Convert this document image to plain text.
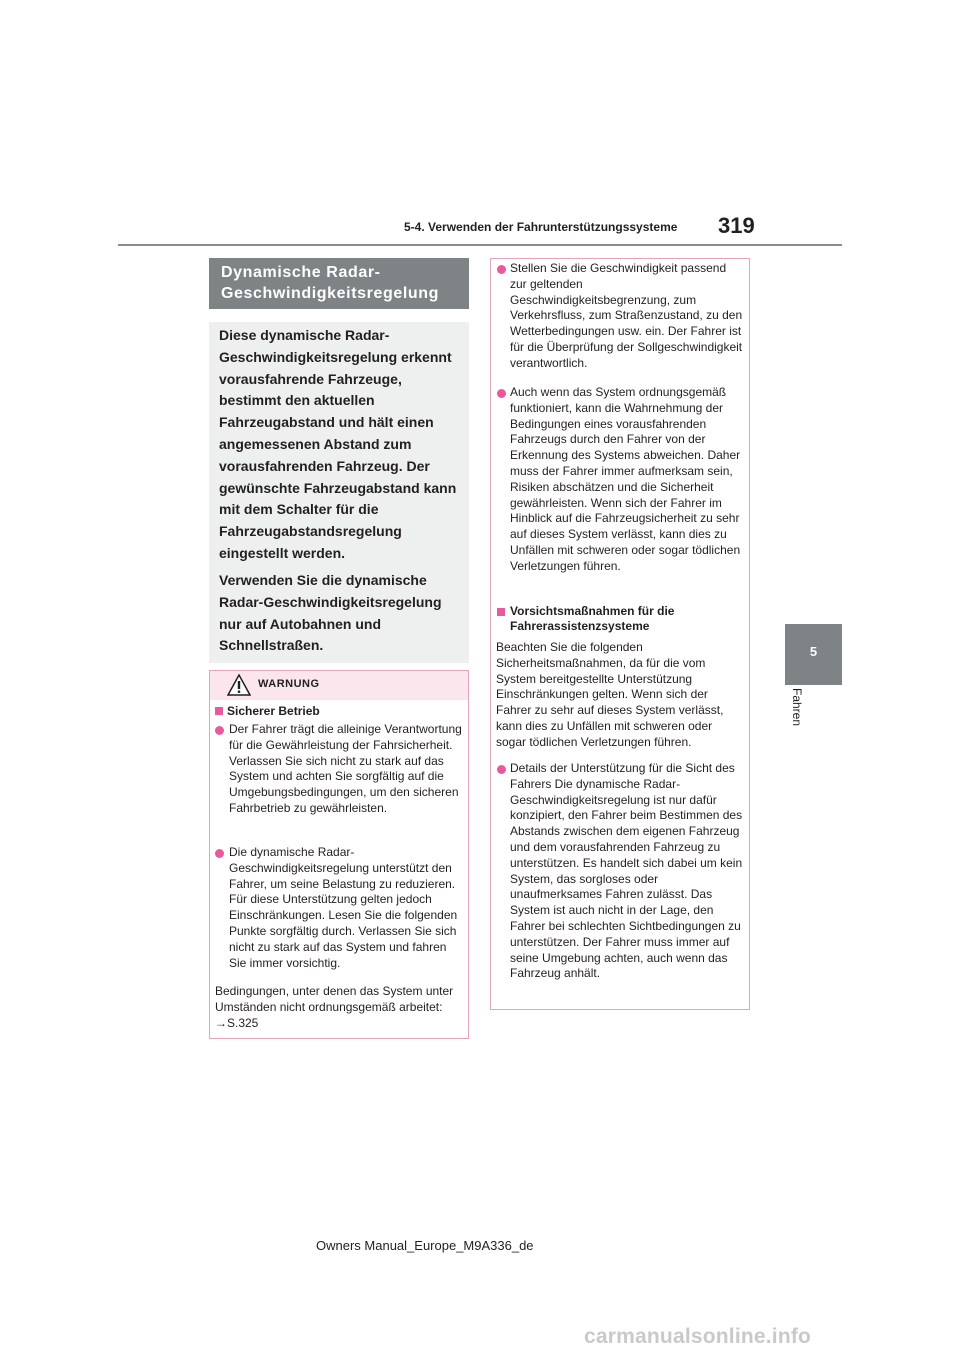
5-4. Verwenden der Fahrunterstützungssysteme 319
5
Fahren
Dynamische Radar-Geschwindigkeitsregelung
Diese dynamische Radar-Geschwindigkeitsregelung erkennt vorausfahrende Fahrzeuge, bestimmt den aktuellen Fahrzeugabstand und hält einen angemessenen Abstand zum vorausfahrenden Fahrzeug. Der gewünschte Fahrzeugabstand kann mit dem Schalter für die Fahrzeugabstandsregelung eingestellt werden.
Verwenden Sie die dynamische Radar-Geschwindigkeitsregelung nur auf Autobahnen und Schnellstraßen.
WARNUNG
Sicherer Betrieb
Der Fahrer trägt die alleinige Verantwortung für die Gewährleistung der Fahrsicherheit. Verlassen Sie sich nicht zu stark auf das System und achten Sie sorgfältig auf die Umgebungsbedingungen, um den sicheren Fahrbetrieb zu gewährleisten.
Die dynamische Radar-Geschwindigkeitsregelung unterstützt den Fahrer, um seine Belastung zu reduzieren. Für diese Unterstützung gelten jedoch Einschränkungen. Lesen Sie die folgenden Punkte sorgfältig durch. Verlassen Sie sich nicht zu stark auf das System und fahren Sie immer vorsichtig.
Bedingungen, unter denen das System unter Umständen nicht ordnungsgemäß arbeitet: →S.325
Stellen Sie die Geschwindigkeit passend zur geltenden Geschwindigkeitsbegrenzung, zum Verkehrsfluss, zum Straßenzustand, zu den Wetterbedingungen usw. ein. Der Fahrer ist für die Überprüfung der Sollgeschwindigkeit verantwortlich.
Auch wenn das System ordnungsgemäß funktioniert, kann die Wahrnehmung der Bedingungen eines vorausfahrenden Fahrzeugs durch den Fahrer von der Erkennung des Systems abweichen. Daher muss der Fahrer immer aufmerksam sein, Risiken abschätzen und die Sicherheit gewährleisten. Wenn sich der Fahrer im Hinblick auf die Fahrzeugsicherheit zu sehr auf dieses System verlässt, kann dies zu Unfällen mit schweren oder sogar tödlichen Verletzungen führen.
Vorsichtsmaßnahmen für die Fahrerassistenzsysteme
Beachten Sie die folgenden Sicherheitsmaßnahmen, da für die vom System bereitgestellte Unterstützung Einschränkungen gelten. Wenn sich der Fahrer zu sehr auf dieses System verlässt, kann dies zu Unfällen mit schweren oder sogar tödlichen Verletzungen führen.
Details der Unterstützung für die Sicht des Fahrers Die dynamische Radar-Geschwindigkeitsregelung ist nur dafür konzipiert, den Fahrer beim Bestimmen des Abstands zwischen dem eigenen Fahrzeug und dem vorausfahrenden Fahrzeug zu unterstützen. Es handelt sich dabei um kein System, das sorgloses oder unaufmerksames Fahren zulässt. Das System ist auch nicht in der Lage, den Fahrer bei schlechten Sichtbedingungen zu unterstützen. Der Fahrer muss immer auf seine Umgebung achten, auch wenn das Fahrzeug anhält.
Owners Manual_Europe_M9A336_de
carmanualsonline.info
